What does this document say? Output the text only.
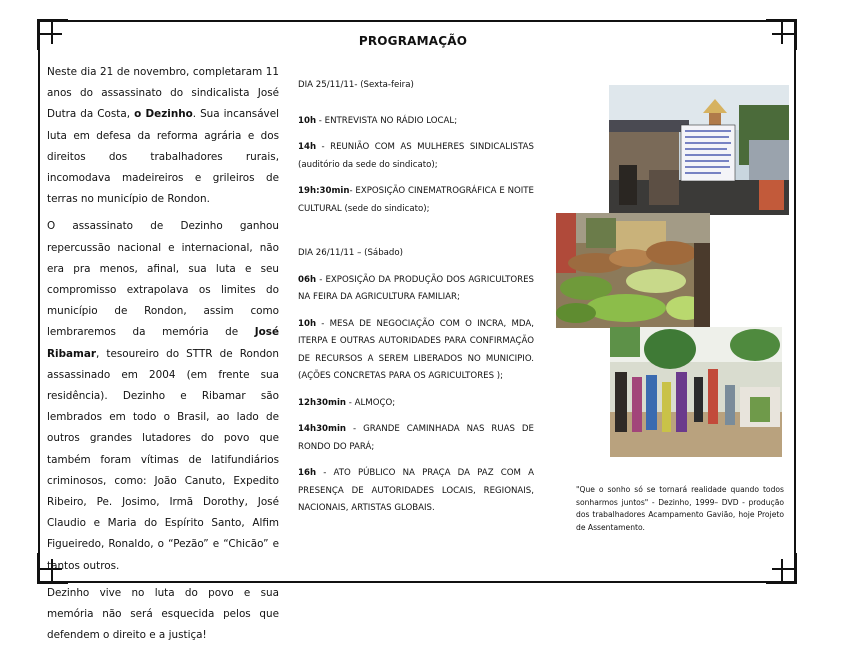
PROGRAMAÇÃO

Neste dia 21 de novembro, completaram 11 anos do assassinato do sindicalista José Dutra da Costa, o Dezinho. Sua incansável luta em defesa da reforma agrária e dos direitos dos trabalhadores rurais, incomodava madeireiros e grileiros de terras no município de Rondon.

O assassinato de Dezinho ganhou repercussão nacional e internacional, não era pra menos, afinal, sua luta e seu compromisso extrapolava os limites do município de Rondon, assim como lembraremos da memória de José Ribamar, tesoureiro do STTR de Rondon assassinado em 2004 (em frente sua residência). Dezinho e Ribamar são lembrados em todo o Brasil, ao lado de outros grandes lutadores do povo que também foram vítimas de latifundiários criminosos, como: João Canuto, Expedito Ribeiro, Pe. Josimo, Irmã Dorothy, José Claudio e Maria do Espírito Santo, Alfim Figueiredo, Ronaldo, o “Pezão” e “Chicão” e tantos outros.

Dezinho vive no luta do povo e sua memória não será esquecida pelos que defendem o direito e a justiça!

DIA 25/11/11- (Sexta-feira)

10h - ENTREVISTA NO RÁDIO LOCAL;

14h - REUNIÃO COM AS MULHERES SINDICALISTAS (auditório da sede do sindicato);

19h:30min- EXPOSIÇÃO CINEMATROGRÁFICA E NOITE CULTURAL (sede do sindicato);

DIA 26/11/11 – (Sábado)

06h - EXPOSIÇÃO DA PRODUÇÃO DOS AGRICULTORES NA FEIRA DA AGRICULTURA FAMILIAR;

10h - MESA DE NEGOCIAÇÃO COM O INCRA, MDA, ITERPA E OUTRAS AUTORIDADES PARA CONFIRMAÇÃO DE RECURSOS A SEREM LIBERADOS NO MUNICIPIO. (AÇÕES CONCRETAS PARA OS AGRICULTORES );

12h30min - ALMOÇO;

14h30min - GRANDE CAMINHADA NAS RUAS DE RONDO DO PARÁ;

16h - ATO PÚBLICO NA PRAÇA DA PAZ COM A PRESENÇA DE AUTORIDADES LOCAIS, REGIONAIS, NACIONAIS, ARTISTAS GLOBAIS.

"Que o sonho só se tornará realidade quando todos sonharmos juntos" - Dezinho, 1999– DVD - produção dos trabalhadores Acampamento Gavião, hoje Projeto de Assentamento.
